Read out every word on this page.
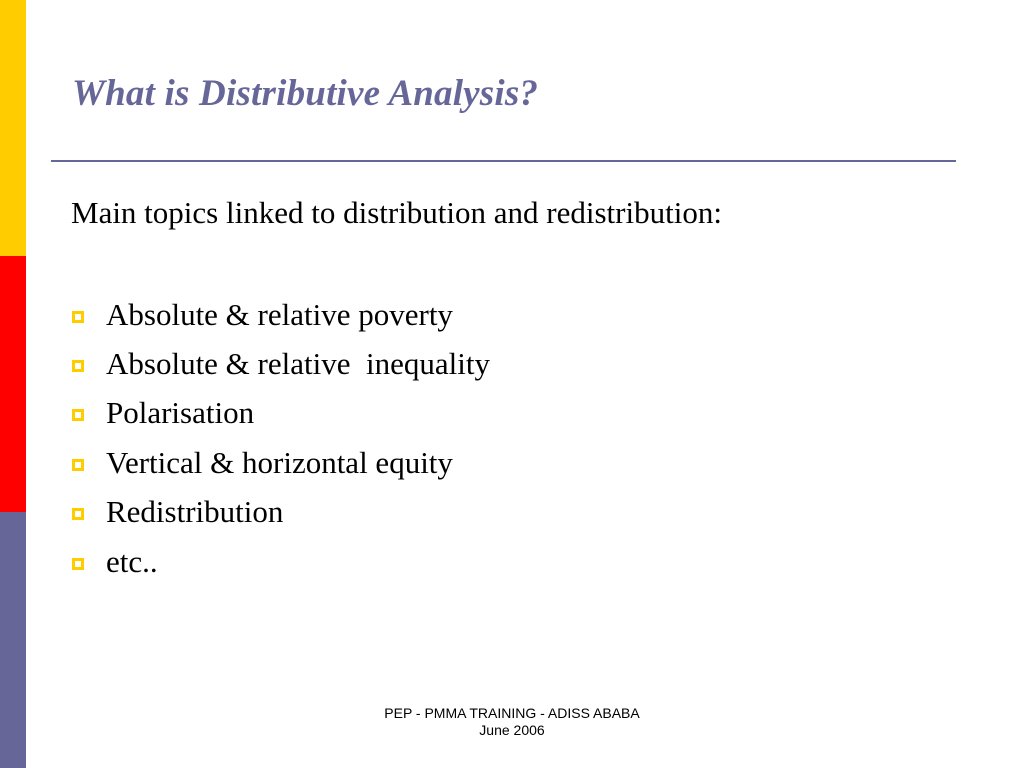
What is Distributive Analysis?
Main topics linked to distribution and redistribution:
Absolute & relative poverty
Absolute & relative  inequality
Polarisation
Vertical & horizontal equity
Redistribution
etc..
PEP - PMMA TRAINING - ADISS ABABA
June 2006
